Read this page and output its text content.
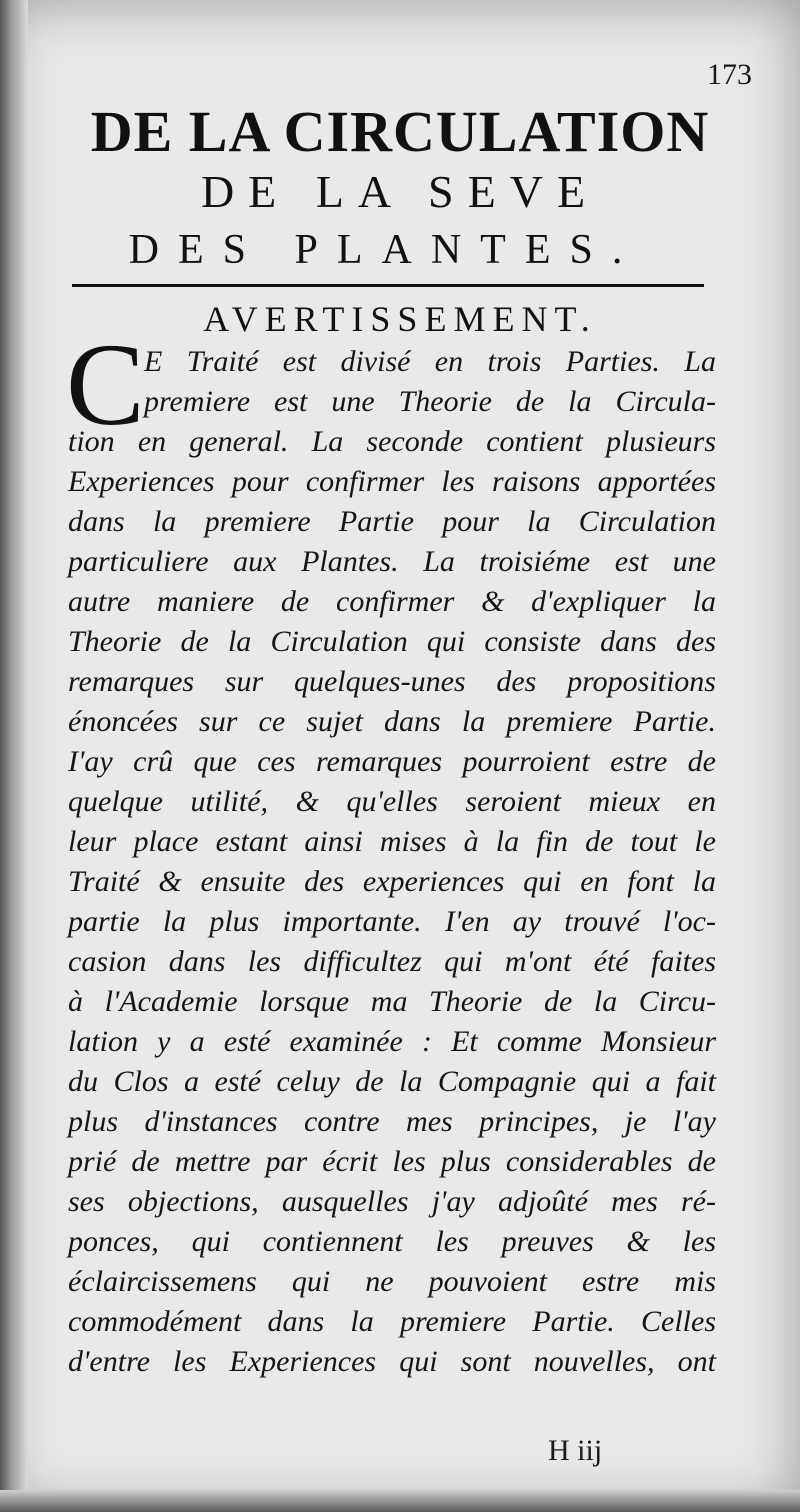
173
DE LA CIRCULATION
DE LA SEVE
DES PLANTES.
AVERTISSEMENT.
C E Traité est divisé en trois Parties. La
premiere est une Theorie de la Circula-
tion en general. La seconde contient plusieurs
Experiences pour confirmer les raisons apportées
dans la premiere Partie pour la Circulation
particuliere aux Plantes. La troisiéme est une
autre maniere de confirmer & d'expliquer la
Theorie de la Circulation qui consiste dans des
remarques sur quelques-unes des propositions
énoncées sur ce sujet dans la premiere Partie.
I'ay crû que ces remarques pourroient estre de
quelque utilité, & qu'elles seroient mieux en
leur place estant ainsi mises à la fin de tout le
Traité & ensuite des experiences qui en font la
partie la plus importante. I'en ay trouvé l'oc-
casion dans les difficultez qui m'ont été faites
à l'Academie lorsque ma Theorie de la Circu-
lation y a esté examinée : Et comme Monsieur
du Clos a esté celuy de la Compagnie qui a fait
plus d'instances contre mes principes, je l'ay
prié de mettre par écrit les plus considerables de
ses objections, ausquelles j'ay adjoûté mes ré-
ponces, qui contiennent les preuves & les
éclaircissemens qui ne pouvoient estre mis
commodément dans la premiere Partie. Celles
d'entre les Experiences qui sont nouvelles, ont
H iij
